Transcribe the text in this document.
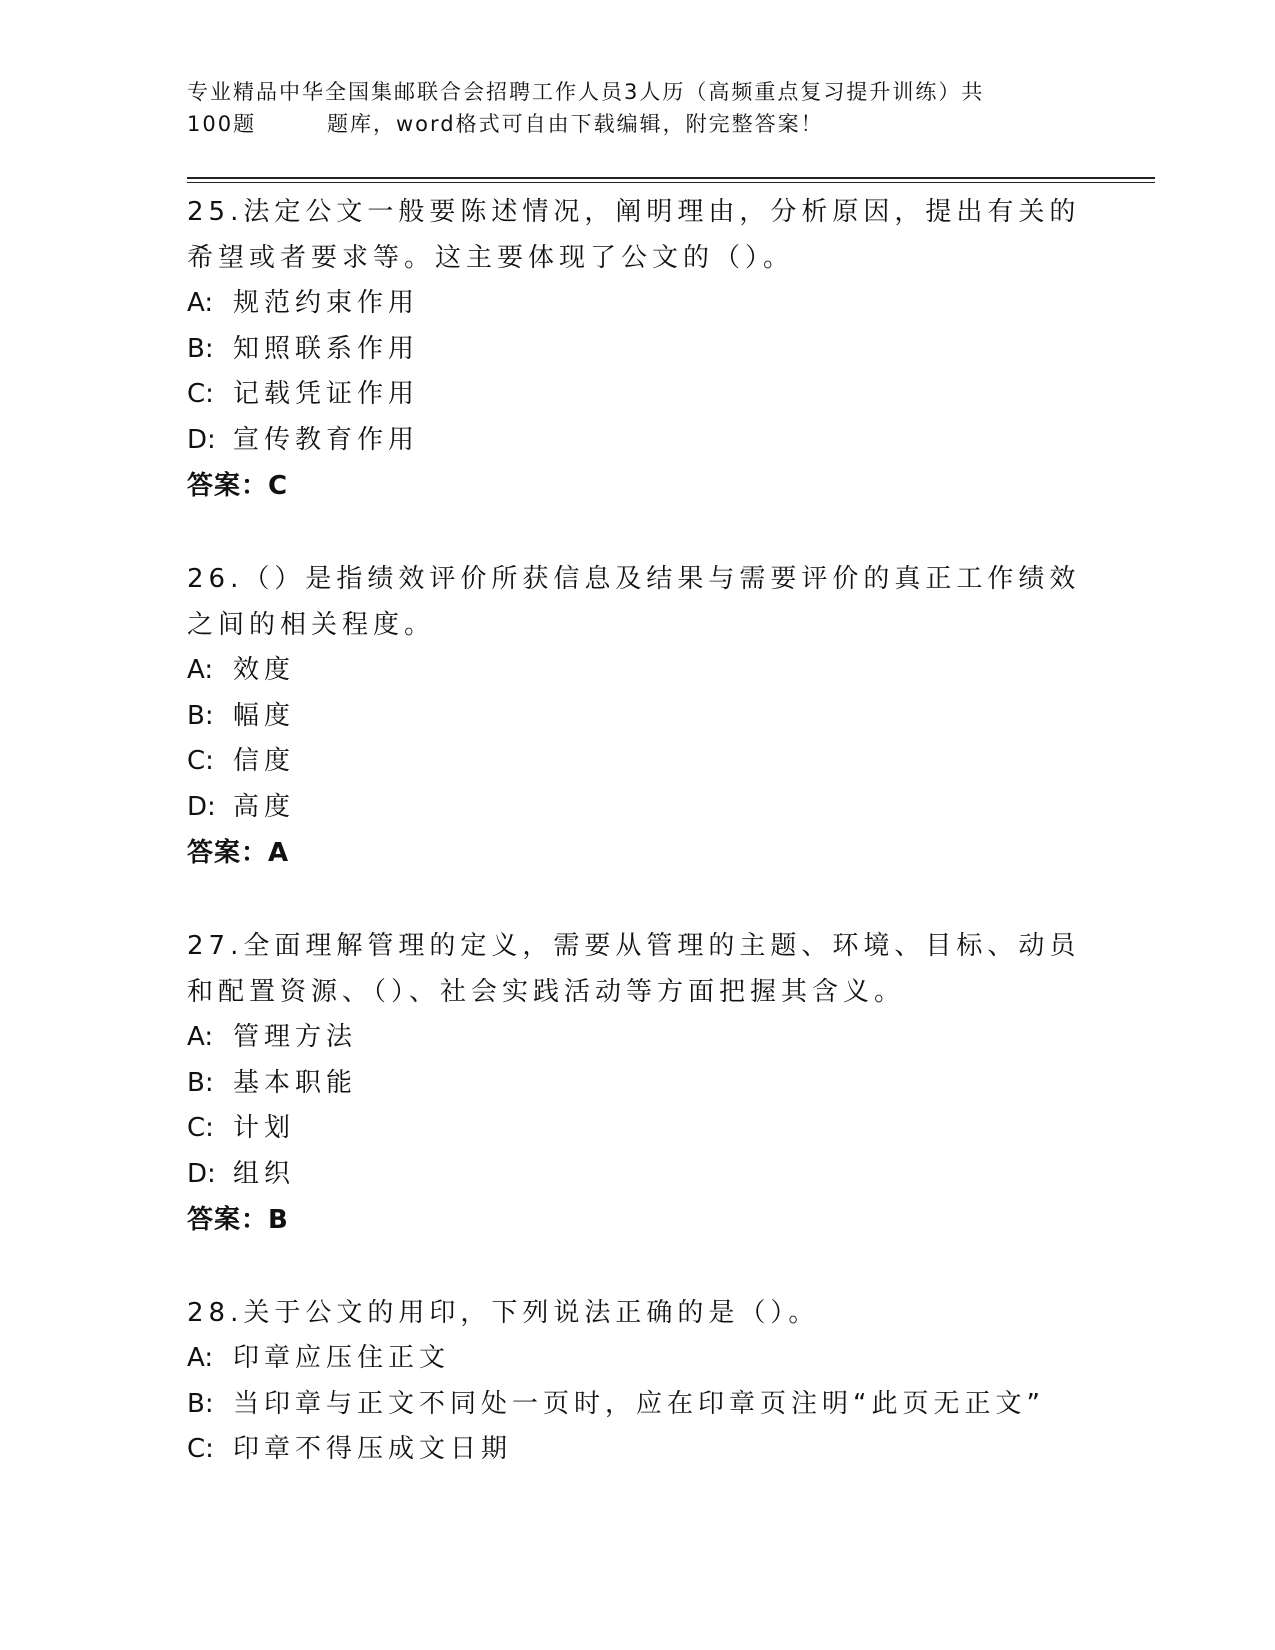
专业精品中华全国集邮联合会招聘工作人员3人历（高频重点复习提升训练）共
100题	题库，word格式可自由下载编辑，附完整答案！
25.法定公文一般要陈述情况，阐明理由，分析原因，提出有关的希望或者要求等。这主要体现了公文的（）。
A: 规范约束作用
B: 知照联系作用
C: 记载凭证作用
D: 宣传教育作用
答案：C
26.（）是指绩效评价所获信息及结果与需要评价的真正工作绩效之间的相关程度。
A: 效度
B: 幅度
C: 信度
D: 高度
答案：A
27.全面理解管理的定义，需要从管理的主题、环境、目标、动员和配置资源、（）、社会实践活动等方面把握其含义。
A: 管理方法
B: 基本职能
C: 计划
D: 组织
答案：B
28.关于公文的用印，下列说法正确的是（）。
A: 印章应压住正文
B: 当印章与正文不同处一页时，应在印章页注明“此页无正文”
C: 印章不得压成文日期
